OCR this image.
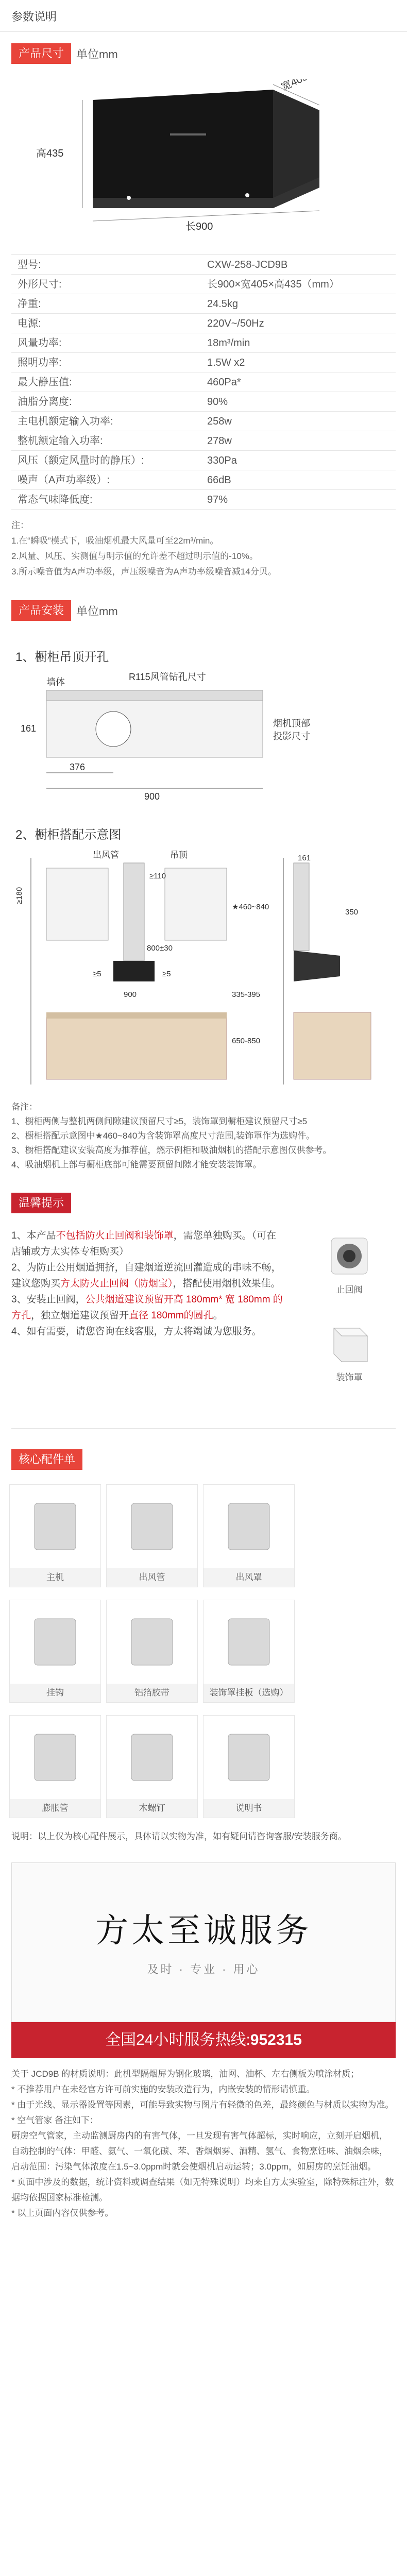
参数说明
产品尺寸	单位mm
宽405
高435
长900
型号:	CXW-258-JCD9B
外形尺寸:	长900×宽405×高435（mm）
净重:	24.5kg
电源:	220V~/50Hz
风量功率:	18m³/min
照明功率:	1.5W x2
最大静压值:	460Pa*
油脂分离度:	90%
主电机额定输入功率:	258w
整机额定输入功率:	278w
风压（额定风量时的静压）:	330Pa
噪声（A声功率级）:	66dB
常态气味降低度:	97%
注：
1.在“瞬吸”模式下，吸油烟机最大风量可至22m³/min。
2.风量、风压、实测值与明示值的允许差不超过明示值的-10%。
3.所示噪音值为A声功率级，声压级噪音为A声功率级噪音减14分贝。
产品安装	单位mm
1、橱柜吊顶开孔
墙体	R115风管钻孔尺寸
烟机顶部
投影尺寸
161
376
900
2、橱柜搭配示意图
出风管	吊顶
≥180
≥110
800±30
≥5	≥5
900
★460~840
335-395
650-850
161
350
备注：
1、橱柜两侧与整机两侧间隙建议预留尺寸≥5，装饰罩到橱柜建议预留尺寸≥5
2、橱柜搭配示意图中★460~840为含装饰罩高度尺寸范围,装饰罩作为选购件。
3、橱柜搭配建议安装高度为推荐值，燃示例柜和吸油烟机的搭配示意图仅供参考。
4、吸油烟机上部与橱柜底部可能需要预留间隙才能安装装饰罩。
温馨提示

1、本产品不包括防火止回阀和装饰罩，需您单独购买。（可在店铺或方太实体专柜购买）

2、为防止公用烟道拥挤，自建烟道逆流回灌造成的串味不畅，建议您购买方太防火止回阀（防烟宝），搭配使用烟机效果佳。

3、安装止回阀，公共烟道建议预留开高 180mm* 宽 180mm 的方孔，独立烟道建议预留开直径 180mm的圆孔。

4、如有需要，请您咨询在线客服，方太将竭诚为您服务。

止回阀
装饰罩
核心配件单
主机	出风管	出风罩
挂钩	铝箔胶带	装饰罩挂板（选购）
膨胀管	木螺钉	说明书
说明：以上仅为核心配件展示，具体请以实物为准，如有疑问请咨询客服/安装服务商。
方太至诚服务
及时 · 专业 · 用心
全国24小时服务热线:952315
关于 JCD9B 的材质说明：此机型隔烟屏为钢化玻璃，油网、油杯、左右侧板为喷涂材质；
* 不推荐用户在未经官方许可前实施的安装改造行为，内嵌安装的情形请慎重。
* 由于光线、显示器设置等因素，可能导致实物与图片有轻微的色差，最终颜色与材质以实物为准。
* 空气管家 备注如下：
厨房空气管家，主动监测厨房内的有害气体，一旦发现有害气体超标，实时响应，立刻开启烟机，自动控制的气体：甲醛、氨气、一氧化碳、苯、香烟烟雾、酒精、氢气、食物烹饪味、油烟余味，启动范围：污染气体浓度在1.5~3.0ppm时就会使烟机启动运转；3.0ppm，如厨房的烹饪油烟。
* 页面中涉及的数据，统计资料或调查结果（如无特殊说明）均来自方太实验室，除特殊标注外，数据均依据国家标准检测。
* 以上页面内容仅供参考。
